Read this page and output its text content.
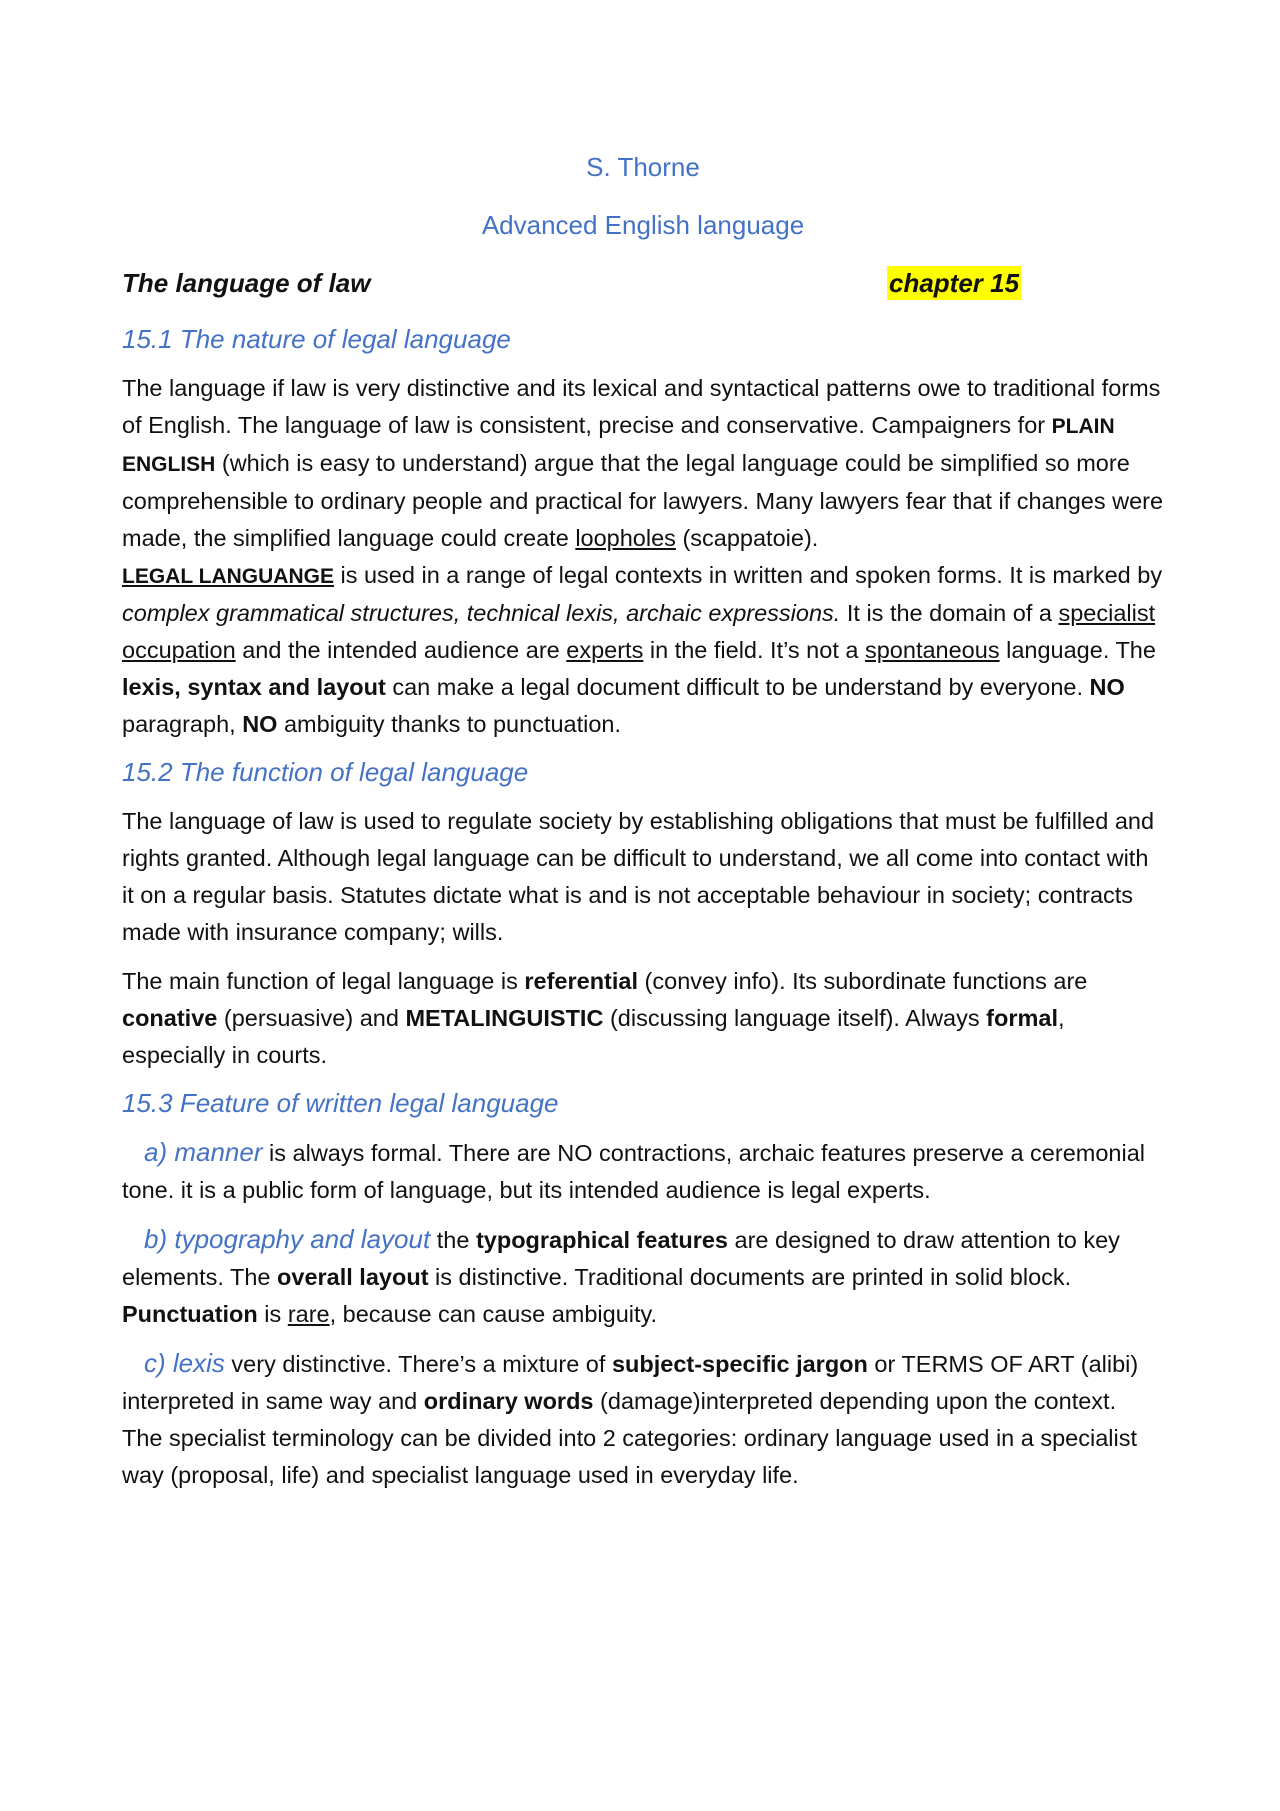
S. Thorne
Advanced English language
The language of law	chapter 15
15.1 The nature of legal language

The language if law is very distinctive and its lexical and syntactical patterns owe to traditional forms of English. The language of law is consistent, precise and conservative. Campaigners for PLAIN ENGLISH (which is easy to understand) argue that the legal language could be simplified so more comprehensible to ordinary people and practical for lawyers. Many lawyers fear that if changes were made, the simplified language could create loopholes (scappatoie).

LEGAL LANGUANGE is used in a range of legal contexts in written and spoken forms. It is marked by complex grammatical structures, technical lexis, archaic expressions. It is the domain of a specialist occupation and the intended audience are experts in the field. It’s not a spontaneous language. The lexis, syntax and layout can make a legal document difficult to be understand by everyone. NO paragraph, NO ambiguity thanks to punctuation.

15.2 The function of legal language

The language of law is used to regulate society by establishing obligations that must be fulfilled and rights granted. Although legal language can be difficult to understand, we all come into contact with it on a regular basis. Statutes dictate what is and is not acceptable behaviour in society; contracts made with insurance company; wills.

The main function of legal language is referential (convey info). Its subordinate functions are conative (persuasive) and METALINGUISTIC (discussing language itself). Always formal, especially in courts.

15.3 Feature of written legal language

a) manner is always formal. There are NO contractions, archaic features preserve a ceremonial tone. it is a public form of language, but its intended audience is legal experts.

b) typography and layout the typographical features are designed to draw attention to key elements. The overall layout is distinctive. Traditional documents are printed in solid block. Punctuation is rare, because can cause ambiguity.

c) lexis very distinctive. There’s a mixture of subject-specific jargon or TERMS OF ART (alibi) interpreted in same way and ordinary words (damage)interpreted depending upon the context.

The specialist terminology can be divided into 2 categories: ordinary language used in a specialist way (proposal, life) and specialist language used in everyday life.
